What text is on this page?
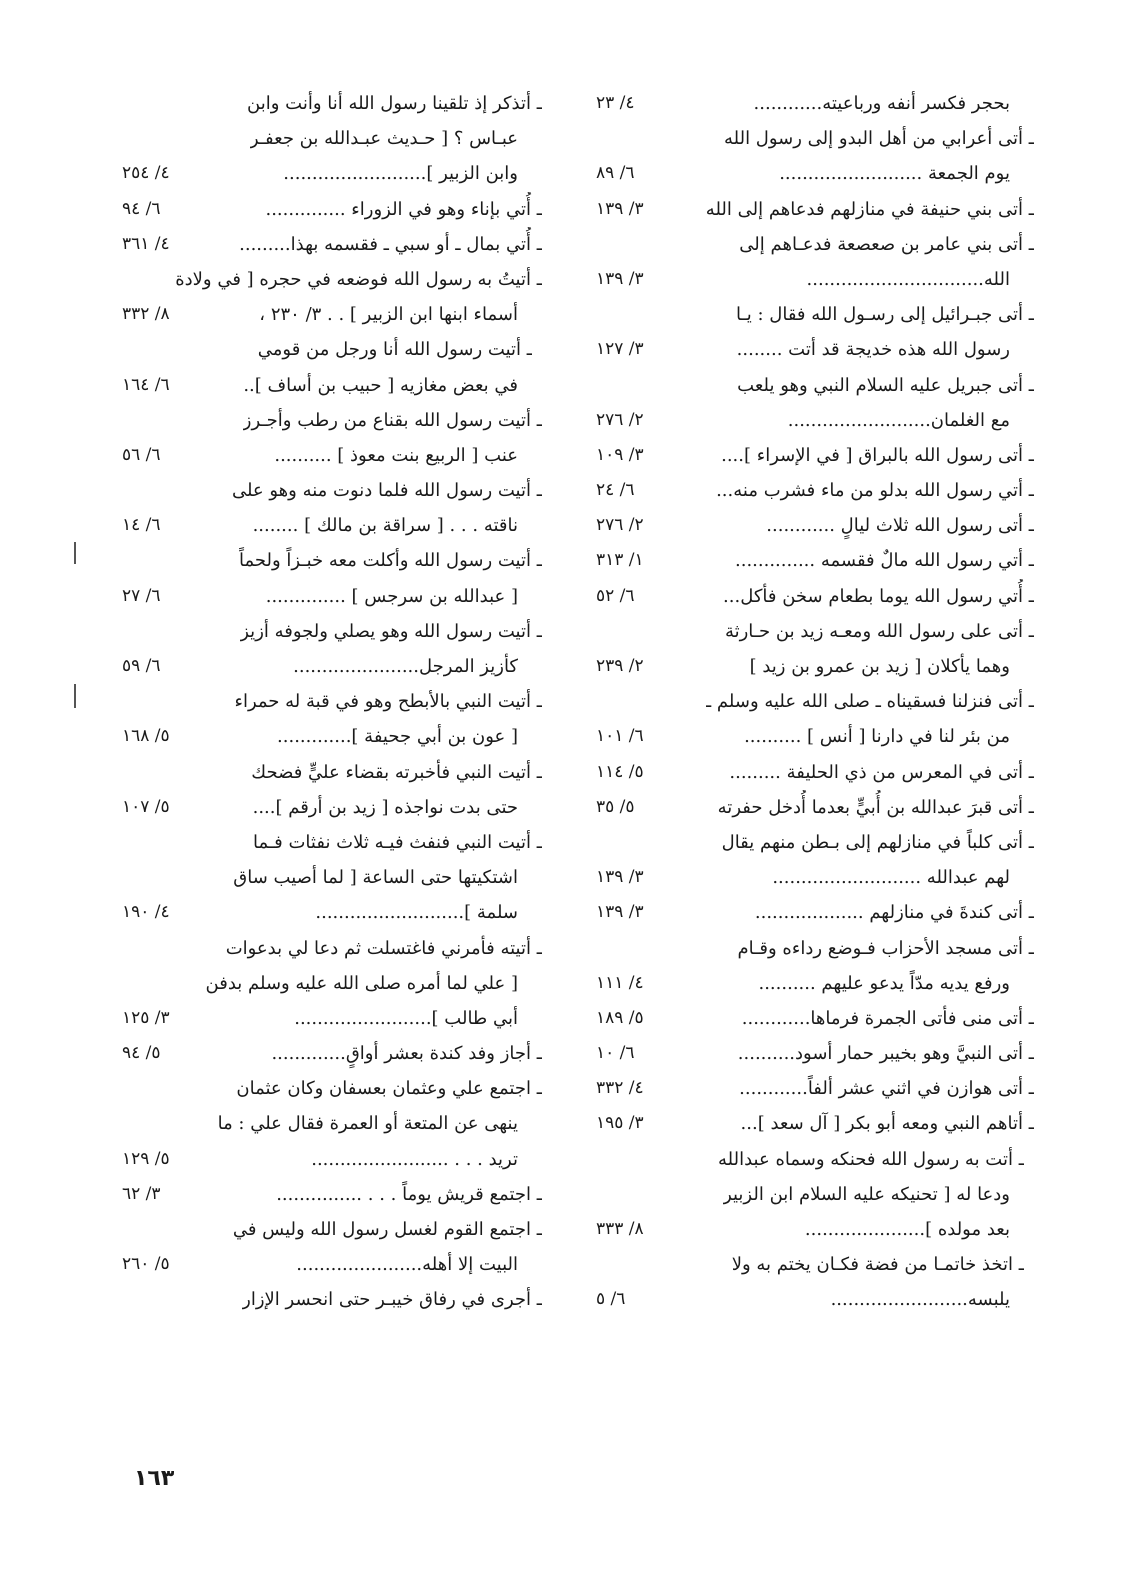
بحجر فكسر أنفه ورباعيته............
٤/ ٢٣
ـ أتى أعرابي من أهل البدو إلى رسول الله
يوم الجمعة .........................
٦/ ٨٩
ـ أتى بني حنيفة في منازلهم فدعاهم إلى الله
٣/ ١٣٩
ـ أتى بني عامر بن صعصعة فدعـاهم إلى
الله...............................
٣/ ١٣٩
ـ أتى جبـرائيل إلى رسـول الله فقال : يـا
رسول الله هذه خديجة قد أتت ........
٣/ ١٢٧
ـ أتى جبريل عليه السلام النبي وهو يلعب
مع الغلمان.........................
٢/ ٢٧٦
ـ أتى رسول الله بالبراق [ في الإسراء ]....
٣/ ١٠٩
ـ أتي رسول الله بدلو من ماء فشرب منه...
٦/ ٢٤
ـ أتى رسول الله ثلاث ليالٍ ............
٢/ ٢٧٦
ـ أتي رسول الله مالٌ فقسمه ..............
١/ ٣١٣
ـ أُتي رسول الله يوما بطعام سخن فأكل...
٦/ ٥٢
ـ أتى على رسول الله ومعـه زيد بن حـارثة
وهما يأكلان [ زيد بن عمرو بن زيد ]
٢/ ٢٣٩
ـ أتى فنزلنا فسقيناه ـ صلى الله عليه وسلم ـ
من بئر لنا في دارنا [ أنس ] ..........
٦/ ١٠١
ـ أتى في المعرس من ذي الحليفة .........
٥/ ١١٤
ـ أتى قبرَ عبدالله بن أُبيٍّ بعدما أُدخل حفرته
٥/ ٣٥
ـ أتى كلباً في منازلهم إلى بـطن منهم يقال
لهم عبدالله ..........................
٣/ ١٣٩
ـ أتى كندةَ في منازلهم ...................
٣/ ١٣٩
ـ أتى مسجد الأحزاب فـوضع رداءه وقـام
ورفع يديه مدّاً يدعو عليهم ..........
٤/ ١١١
ـ أتى منى فأتى الجمرة فرماها............
٥/ ١٨٩
ـ أتى النبيَّ وهو بخيبر حمار أسود..........
٦/ ١٠
ـ أتى هوازن في اثني عشر ألفاً............
٤/ ٣٣٢
ـ أتاهم النبي ومعه أبو بكر [ آل سعد ]...
٣/ ١٩٥
ـ أتت به رسول الله فحنكه وسماه عبدالله
ودعا له [ تحنيكه عليه السلام ابن الزبير
بعد مولده ].....................
٨/ ٣٣٣
ـ اتخذ خاتمـا من فضة فكـان يختم به ولا
يلبسه........................
٦/ ٥
ـ أتذكر إذ تلقينا رسول الله أنا وأنت وابن
عبـاس ؟ [ حـديث عبـدالله بن جعفـر
وابن الزبير ].........................
٤/ ٢٥٤
ـ أُتي بإناء وهو في الزوراء ..............
٦/ ٩٤
ـ أُتي بمال ـ أو سبي ـ فقسمه بهذا.........
٤/ ٣٦١
ـ أتيتُ به رسول الله فوضعه في حجره [ في ولادة
أسماء ابنها ابن الزبير ] . . ٣/ ٢٣٠ ،
٨/ ٣٣٢
ـ أتيت رسول الله أنا ورجل من قومي
في بعض مغازيه [ حبيب بن أساف ]..
٦/ ١٦٤
ـ أتيت رسول الله بقناع من رطب وأجـرز
عنب [ الربيع بنت معوذ ] ..........
٦/ ٥٦
ـ أتيت رسول الله فلما دنوت منه وهو على
ناقته . . . [ سراقة بن مالك ] ........
٦/ ١٤
ـ أتيت رسول الله وأكلت معه خبـزاً ولحماً
[ عبدالله بن سرجس ] ..............
٦/ ٢٧
ـ أتيت رسول الله وهو يصلي ولجوفه أزيز
كأزيز المرجل......................
٦/ ٥٩
ـ أتيت النبي بالأبطح وهو في قبة له حمراء
[ عون بن أبي جحيفة ].............
٥/ ١٦٨
ـ أتيت النبي فأخبرته بقضاء عليٍّ فضحك
حتى بدت نواجذه [ زيد بن أرقم ]....
٥/ ١٠٧
ـ أتيت النبي فنفث فيـه ثلاث نفثات فـما
اشتكيتها حتى الساعة [ لما أصيب ساق
سلمة ]..........................
٤/ ١٩٠
ـ أتيته فأمرني فاغتسلت ثم دعا لي بدعوات
[ علي لما أمره صلى الله عليه وسلم بدفن
أبي طالب ]........................
٣/ ١٢٥
ـ أجاز وفد كندة بعشر أواقٍ.............
٥/ ٩٤
ـ اجتمع علي وعثمان بعسفان وكان عثمان
ينهى عن المتعة أو العمرة فقال علي : ما
تريد . . . ........................
٥/ ١٢٩
ـ اجتمع قريش يوماً . . . ...............
٣/ ٦٢
ـ اجتمع القوم لغسل رسول الله وليس في
البيت إلا أهله......................
٥/ ٢٦٠
ـ أجرى في رفاق خيبـر حتى انحسر الإزار
١٦٣
